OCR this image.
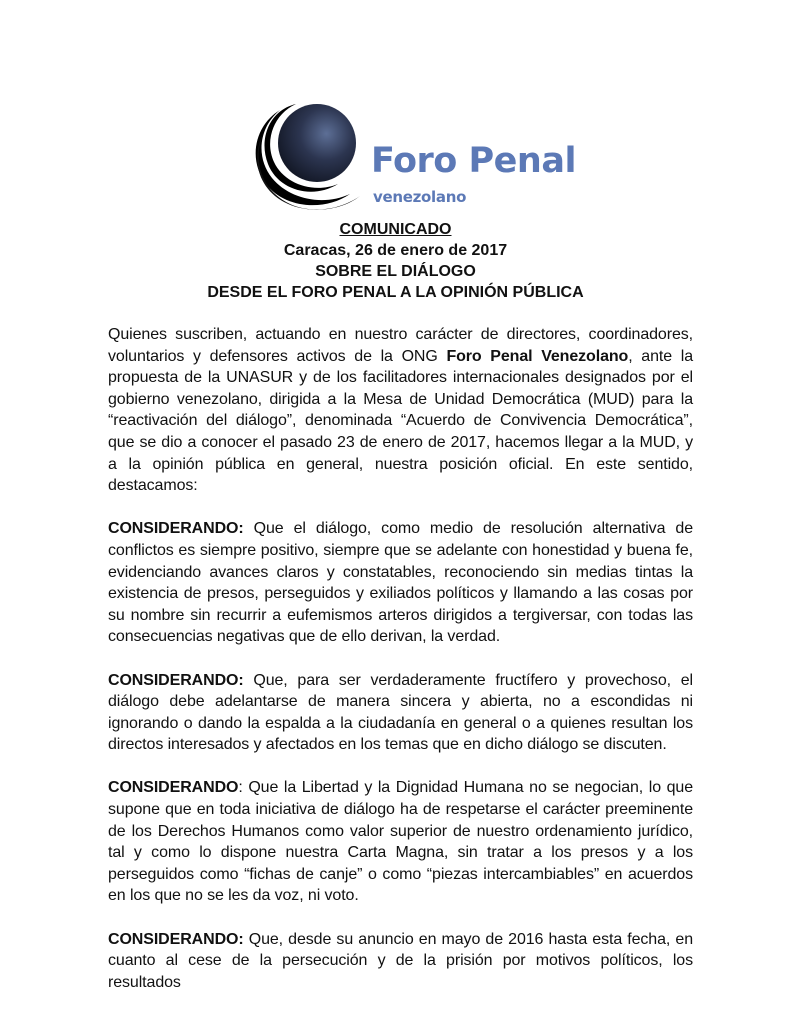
Foro Penal
venezolano
COMUNICADO
Caracas, 26 de enero de 2017
SOBRE EL DIÁLOGO
DESDE EL FORO PENAL A LA OPINIÓN PÚBLICA

Quienes suscriben, actuando en nuestro carácter de directores, coordinadores, voluntarios y defensores activos de la ONG Foro Penal Venezolano, ante la propuesta de la UNASUR y de los facilitadores internacionales designados por el gobierno venezolano, dirigida a la Mesa de Unidad Democrática (MUD) para la “reactivación del diálogo”, denominada “Acuerdo de Convivencia Democrática”, que se dio a conocer el pasado 23 de enero de 2017, hacemos llegar a la MUD, y a la opinión pública en general, nuestra posición oficial. En este sentido, destacamos:

CONSIDERANDO: Que el diálogo, como medio de resolución alternativa de conflictos es siempre positivo, siempre que se adelante con honestidad y buena fe, evidenciando avances claros y constatables, reconociendo sin medias tintas la existencia de presos, perseguidos y exiliados políticos y llamando a las cosas por su nombre sin recurrir a eufemismos arteros dirigidos a tergiversar, con todas las consecuencias negativas que de ello derivan, la verdad.

CONSIDERANDO: Que, para ser verdaderamente fructífero y provechoso, el diálogo debe adelantarse de manera sincera y abierta, no a escondidas ni ignorando o dando la espalda a la ciudadanía en general o a quienes resultan los directos interesados y afectados en los temas que en dicho diálogo se discuten.

CONSIDERANDO: Que la Libertad y la Dignidad Humana no se negocian, lo que supone que en toda iniciativa de diálogo ha de respetarse el carácter preeminente de los Derechos Humanos como valor superior de nuestro ordenamiento jurídico, tal y como lo dispone nuestra Carta Magna, sin tratar a los presos y a los perseguidos como “fichas de canje” o como “piezas intercambiables” en acuerdos en los que no se les da voz, ni voto.

CONSIDERANDO: Que, desde su anuncio en mayo de 2016 hasta esta fecha, en cuanto al cese de la persecución y de la prisión por motivos políticos, los resultados
